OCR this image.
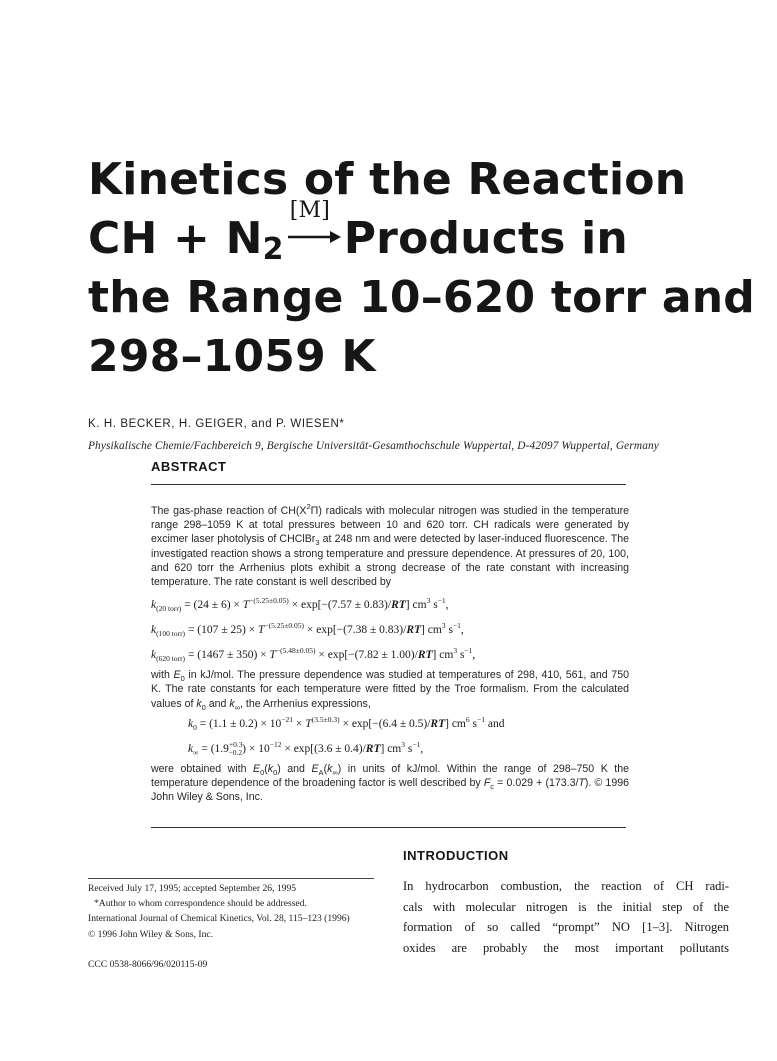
Kinetics of the Reaction
CH + $N_2$
[M]
Products in
the Range 10–620 torr and
298–1059 K
K. H. BECKER, H. GEIGER, and P. WIESEN*
Physikalische Chemie/Fachbereich 9, Bergische Universität-Gesamthochschule Wuppertal, D-42097 Wuppertal, Germany
ABSTRACT

The gas-phase reaction of $CH(X^2\Pi)$ radicals with molecular nitrogen was studied in the temperature range 298–1059 K at total pressures between 10 and 620 torr. CH radicals were generated by excimer laser photolysis of CHClBr$_3$ at 248 nm and were detected by laser-induced fluorescence. The investigated reaction shows a strong temperature and pressure dependence. At pressures of 20, 100, and 620 torr the Arrhenius plots exhibit a strong decrease of the rate constant with increasing temperature. The rate constant is well described by

$k_{(20 torr)} = (24 \pm 6) \times T^{-(5.25\pm 0.05)} \times \exp[-(7.57 \pm 0.83)/RT]$ $cm^3$ $s^{-1}$,

$k_{(100 torr)} = (107 \pm 25) \times T^{-(5.25\pm 0.05)} \times \exp[-(7.38 \pm 0.83)/RT]$ $cm^3$ $s^{-1}$,

$k_{(620 torr)} = (1467 \pm 350) \times T^{-(5.48\pm 0.05)} \times \exp[-(7.82 \pm 1.00)/RT]$ $cm^3$ $s^{-1}$,

with $E_0$ in kJ/mol. The pressure dependence was studied at temperatures of 298, 410, 561, and 750 K. The rate constants for each temperature were fitted by the Troe formalism. From the calculated values of $k_0$ and $k_\infty$, the Arrhenius expressions,

$k_0 = (1.1 \pm 0.2) \times 10^{-21} \times T^{(3.5\pm 0.3)} \times \exp[-(6.4 \pm 0.5)/RT]$ $cm^6$ $s^{-1}$ and

$k_\infty = (1.9^{+0.3}_{-0.2}) \times 10^{-12} \times \exp[(3.6 \pm 0.4)/RT]$ $cm^3$ $s^{-1}$,

were obtained with $E_0(k_0)$ and $E_A(k_\infty)$ in units of kJ/mol. Within the range of 298–750 K the temperature dependence of the broadening factor is well described by $F_c = 0.029 + (173.3/T)$. © 1996 John Wiley & Sons, Inc.

INTRODUCTION
In hydrocarbon combustion, the reaction of CH radi-
cals with molecular nitrogen is the initial step of the
formation of so called “prompt” NO [1–3]. Nitrogen
oxides are probably the most important pollutants
Received July 17, 1995; accepted September 26, 1995
*Author to whom correspondence should be addressed.
International Journal of Chemical Kinetics, Vol. 28, 115–123 (1996)
© 1996 John Wiley & Sons, Inc.
CCC 0538-8066/96/020115-09
